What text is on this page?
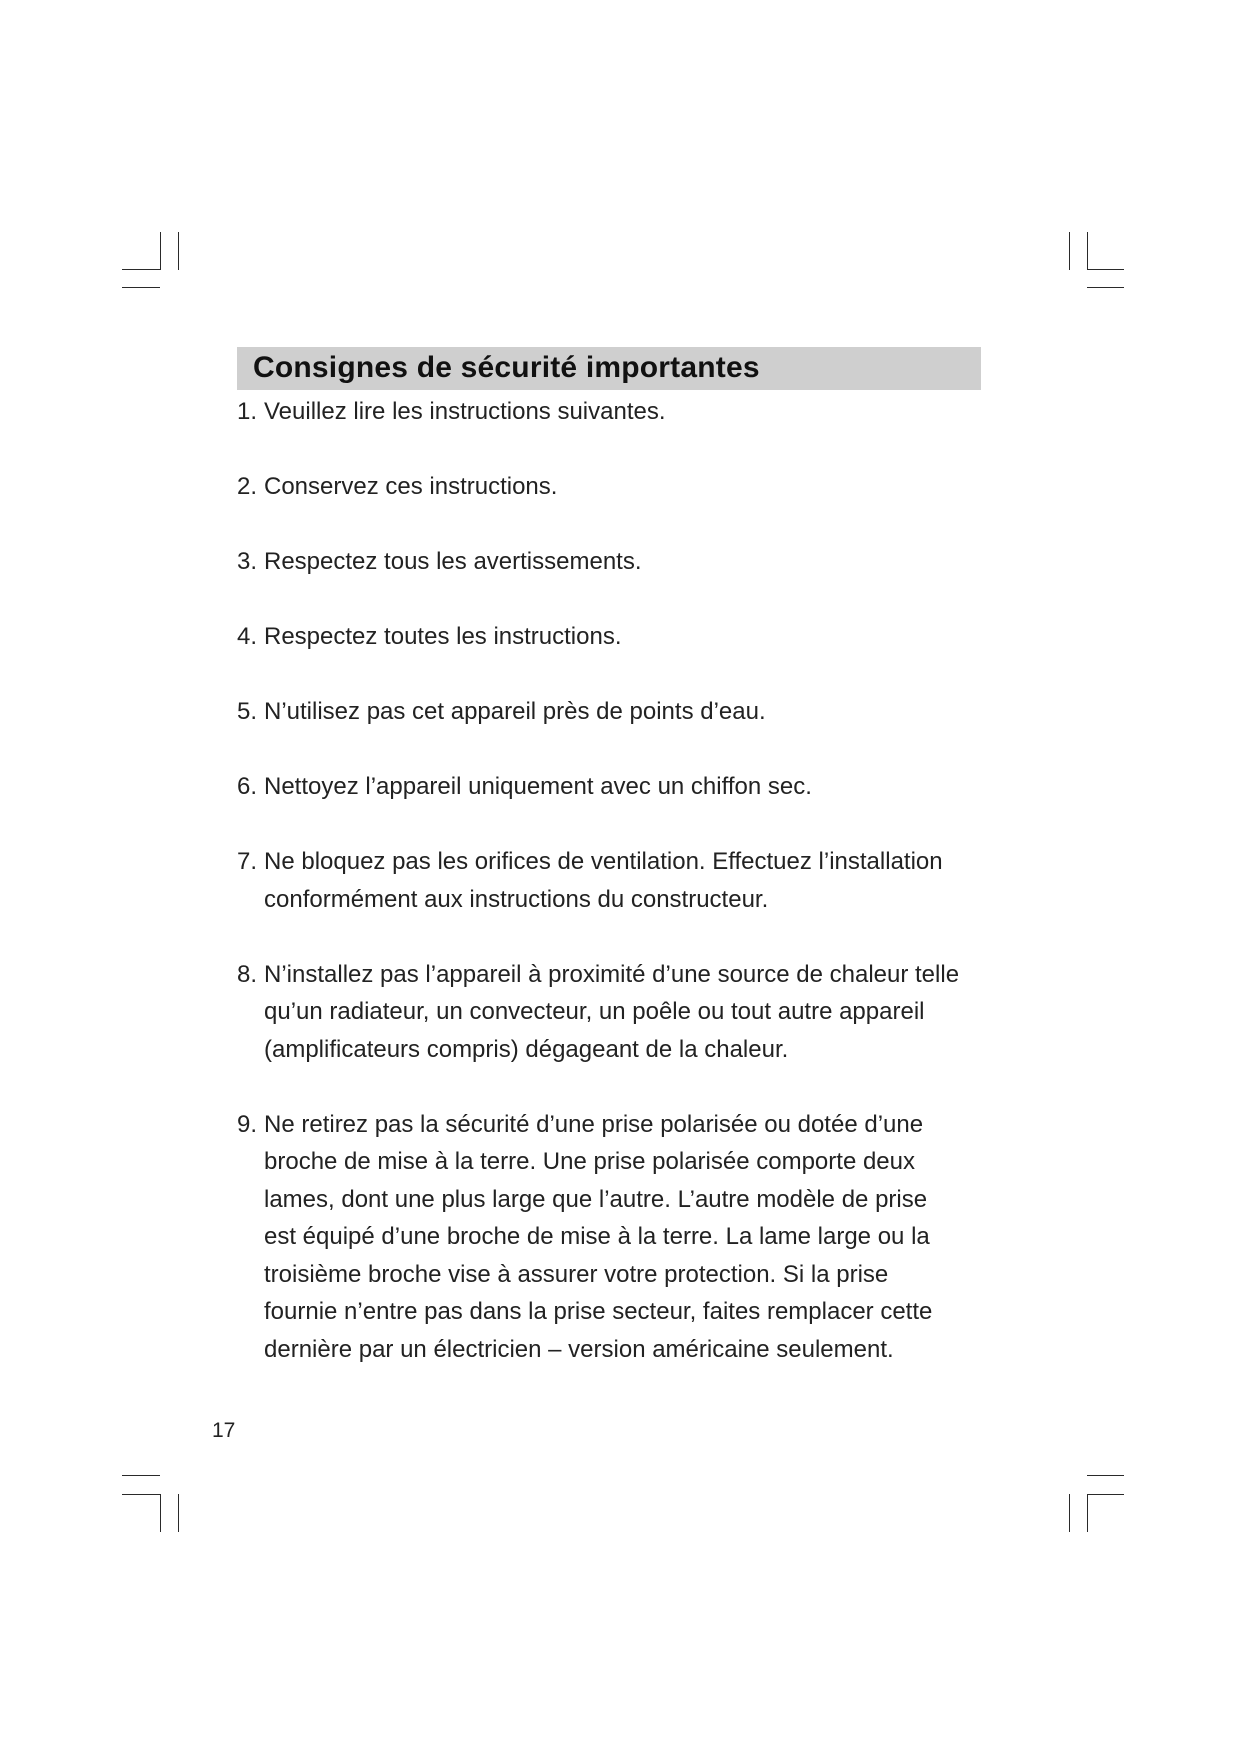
Consignes de sécurité importantes
1. Veuillez lire les instructions suivantes.
2. Conservez ces instructions.
3. Respectez tous les avertissements.
4. Respectez toutes les instructions.
5. N’utilisez pas cet appareil près de points d’eau.
6. Nettoyez l’appareil uniquement avec un chiffon sec.
7. Ne bloquez pas les orifices de ventilation. Effectuez l’installation
conformément aux instructions du constructeur.
8. N’installez pas l’appareil à proximité d’une source de chaleur telle
qu’un radiateur, un convecteur, un poêle ou tout autre appareil
(amplificateurs compris) dégageant de la chaleur.
9. Ne retirez pas la sécurité d’une prise polarisée ou dotée d’une
broche de mise à la terre. Une prise polarisée comporte deux
lames, dont une plus large que l’autre. L’autre modèle de prise
est équipé d’une broche de mise à la terre. La lame large ou la
troisième broche vise à assurer votre protection. Si la prise
fournie n’entre pas dans la prise secteur, faites remplacer cette
dernière par un électricien – version américaine seulement.
17
